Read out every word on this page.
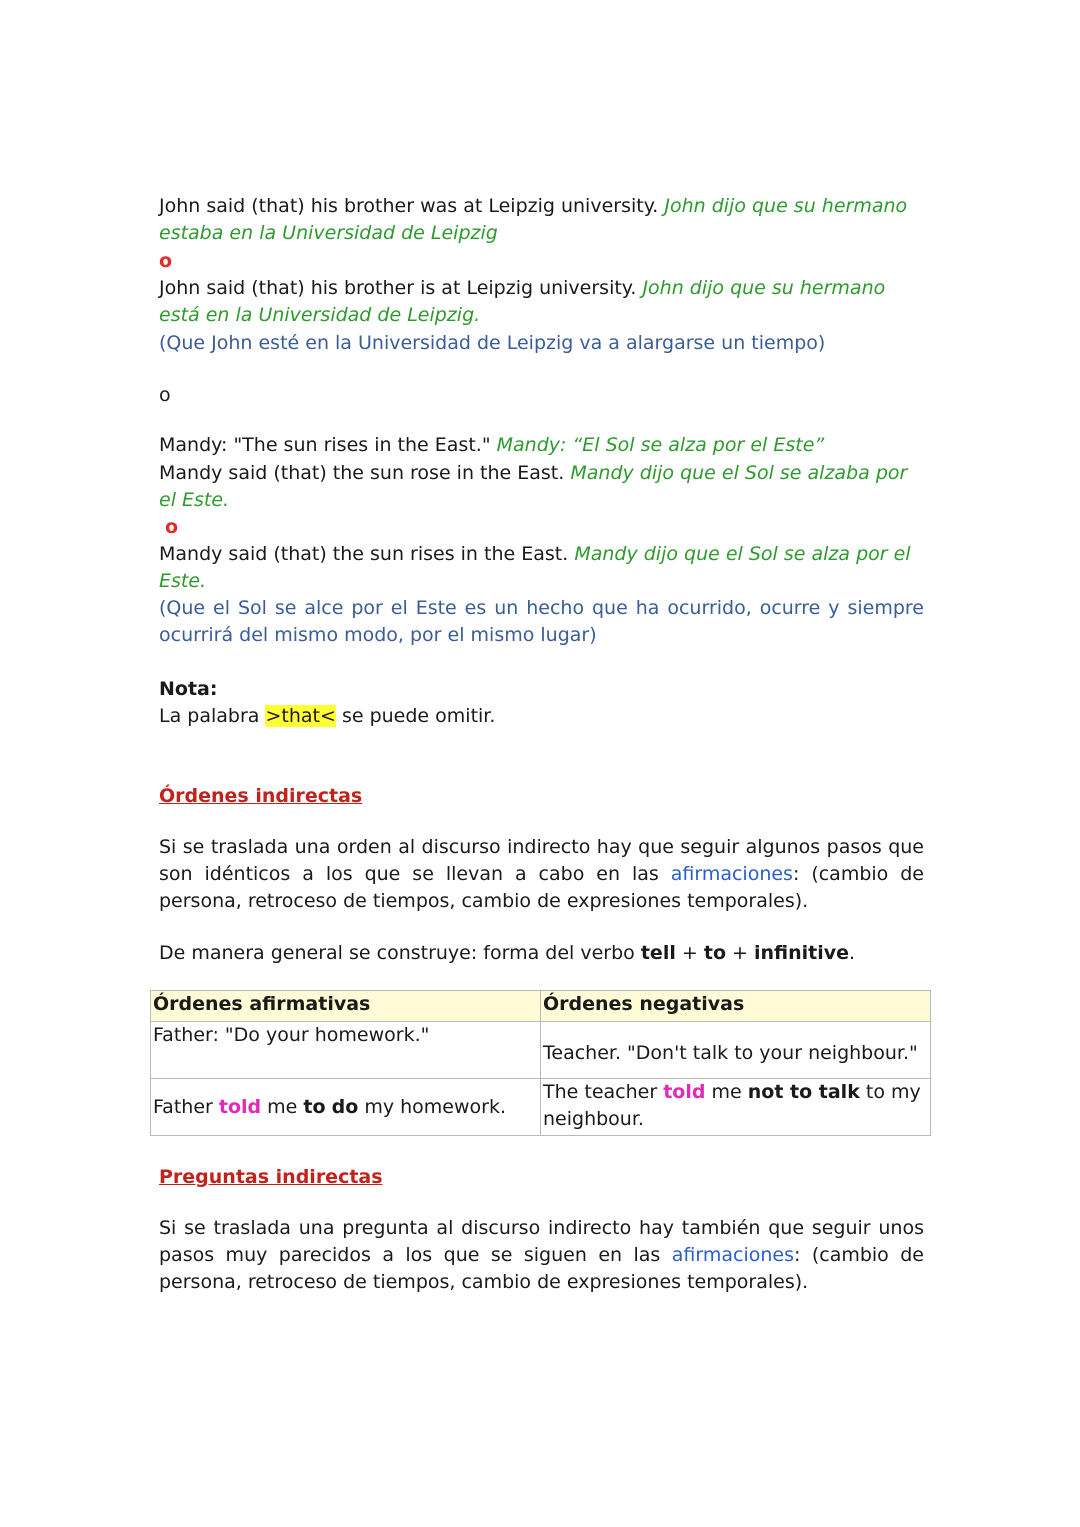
John said (that) his brother was at Leipzig university. John dijo que su hermano estaba en la Universidad de Leipzig
o
John said (that) his brother is at Leipzig university. John dijo que su hermano está en la Universidad de Leipzig.
(Que John esté en la Universidad de Leipzig va a alargarse un tiempo)
o
Mandy: "The sun rises in the East." Mandy: “El Sol se alza por el Este”
Mandy said (that) the sun rose in the East. Mandy dijo que el Sol se alzaba por el Este.
o
Mandy said (that) the sun rises in the East. Mandy dijo que el Sol se alza por el Este.
(Que el Sol se alce por el Este es un hecho que ha ocurrido, ocurre y siempre ocurrirá del mismo modo, por el mismo lugar)
Nota:
La palabra >that< se puede omitir.
Órdenes indirectas
Si se traslada una orden al discurso indirecto hay que seguir algunos pasos que son idénticos a los que se llevan a cabo en las afirmaciones: (cambio de persona, retroceso de tiempos, cambio de expresiones temporales).
De manera general se construye: forma del verbo tell + to + infinitive.
Órdenes afirmativas	Órdenes negativas
Father: "Do your homework."	Teacher. "Don't talk to your neighbour."

Father told me to do my homework.	The teacher told me not to talk to my neighbour.
Preguntas indirectas
Si se traslada una pregunta al discurso indirecto hay también que seguir unos pasos muy parecidos a los que se siguen en las afirmaciones: (cambio de persona, retroceso de tiempos, cambio de expresiones temporales).
